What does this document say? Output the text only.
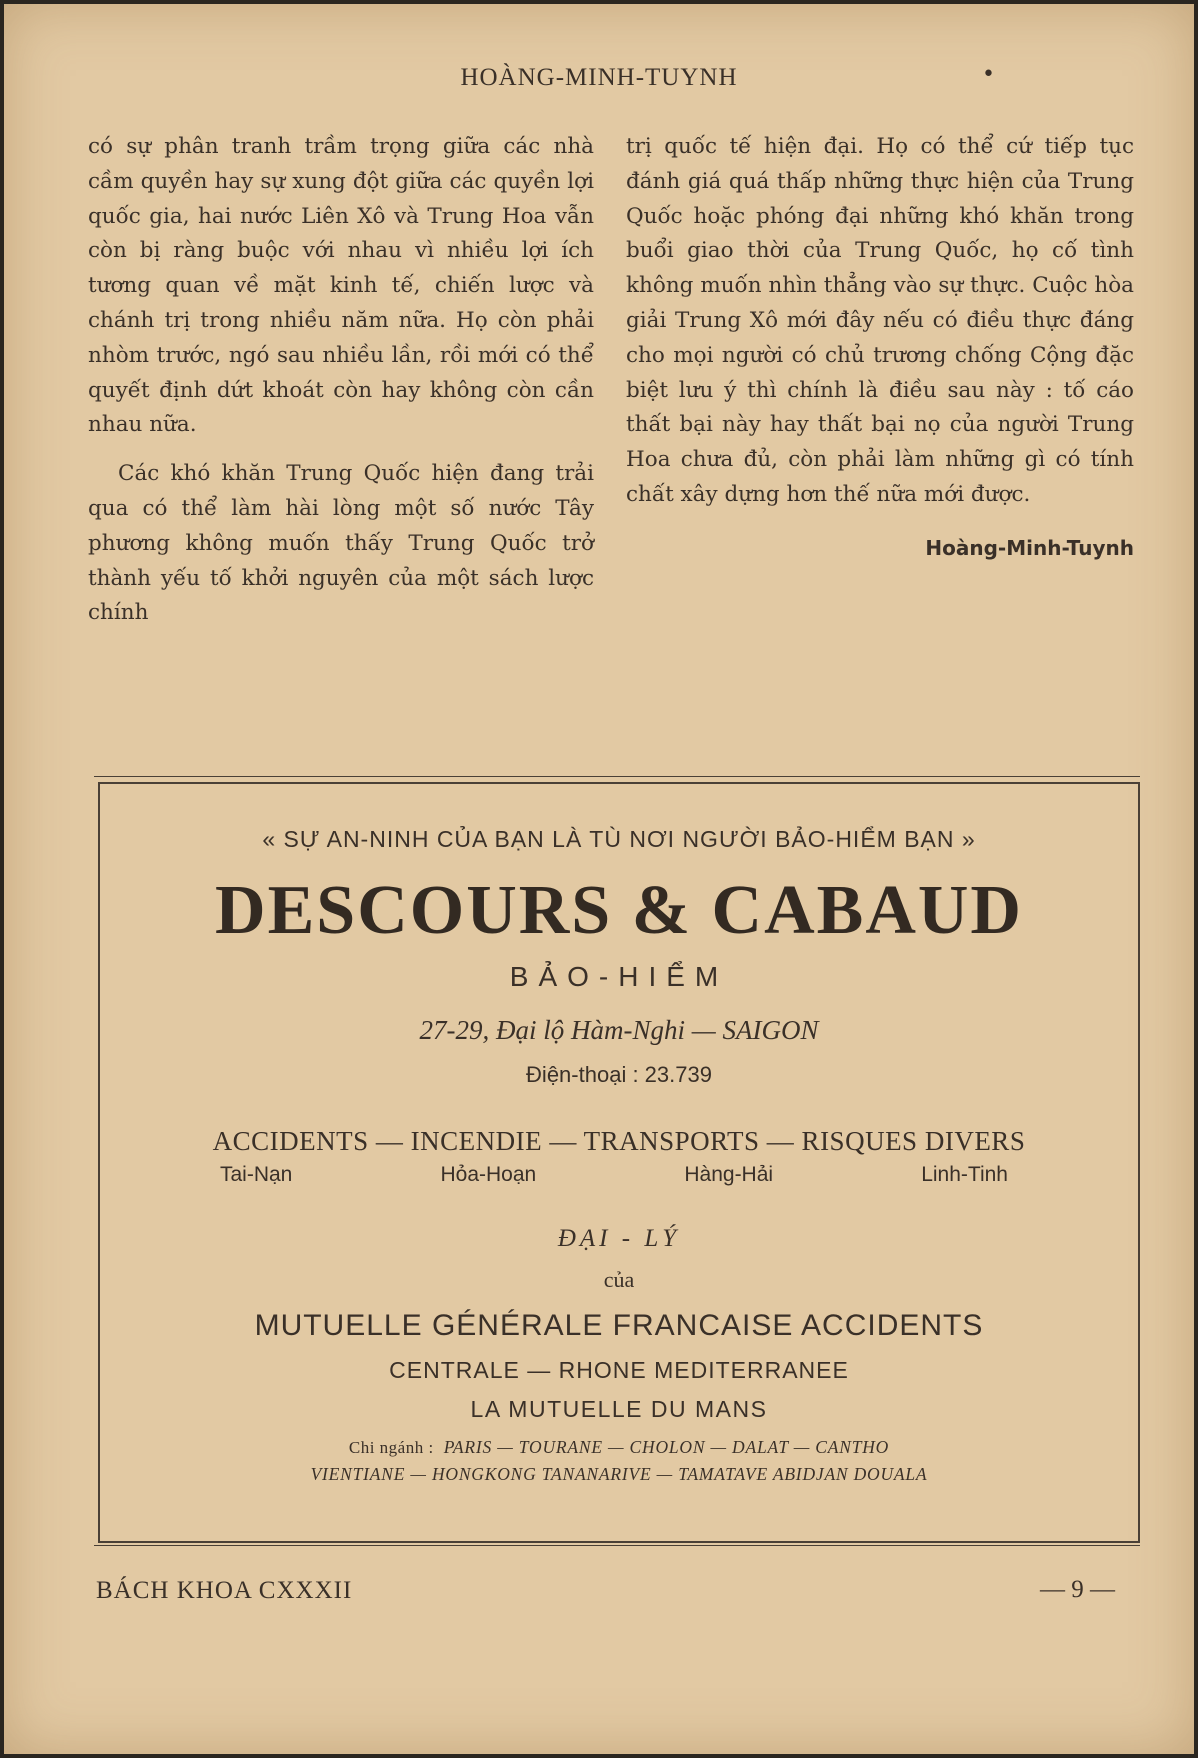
HOÀNG-MINH-TUYNH	•

có sự phân tranh trầm trọng giữa các nhà cầm quyền hay sự xung đột giữa các quyền lợi quốc gia, hai nước Liên Xô và Trung Hoa vẫn còn bị ràng buộc với nhau vì nhiều lợi ích tương quan về mặt kinh tế, chiến lược và chánh trị trong nhiều năm nữa. Họ còn phải nhòm trước, ngó sau nhiều lần, rồi mới có thể quyết định dứt khoát còn hay không còn cần nhau nữa.

Các khó khăn Trung Quốc hiện đang trải qua có thể làm hài lòng một số nước Tây phương không muốn thấy Trung Quốc trở thành yếu tố khởi nguyên của một sách lược chính

trị quốc tế hiện đại. Họ có thể cứ tiếp tục đánh giá quá thấp những thực hiện của Trung Quốc hoặc phóng đại những khó khăn trong buổi giao thời của Trung Quốc, họ cố tình không muốn nhìn thẳng vào sự thực. Cuộc hòa giải Trung Xô mới đây nếu có điều thực đáng cho mọi người có chủ trương chống Cộng đặc biệt lưu ý thì chính là điều sau này : tố cáo thất bại này hay thất bại nọ của người Trung Hoa chưa đủ, còn phải làm những gì có tính chất xây dựng hơn thế nữa mới được.

Hoàng-Minh-Tuynh
« SỰ AN-NINH CỦA BẠN LÀ TÙ NƠI NGƯỜI BẢO-HIỂM BẠN »
DESCOURS & CABAUD
BẢO-HIỂM
27-29, Đại lộ Hàm-Nghi — SAIGON
Điện-thoại : 23.739
ACCIDENTS — INCENDIE — TRANSPORTS — RISQUES DIVERS
Tai-Nạn	Hỏa-Hoạn	Hàng-Hải	Linh-Tinh
ĐẠI - LÝ
của
MUTUELLE GÉNÉRALE FRANCAISE ACCIDENTS
CENTRALE — RHONE MEDITERRANEE
LA MUTUELLE DU MANS
Chi ngánh : PARIS — TOURANE — CHOLON — DALAT — CANTHO
VIENTIANE — HONGKONG TANANARIVE — TAMATAVE ABIDJAN DOUALA
BÁCH KHOA CXXXII	— 9 —
